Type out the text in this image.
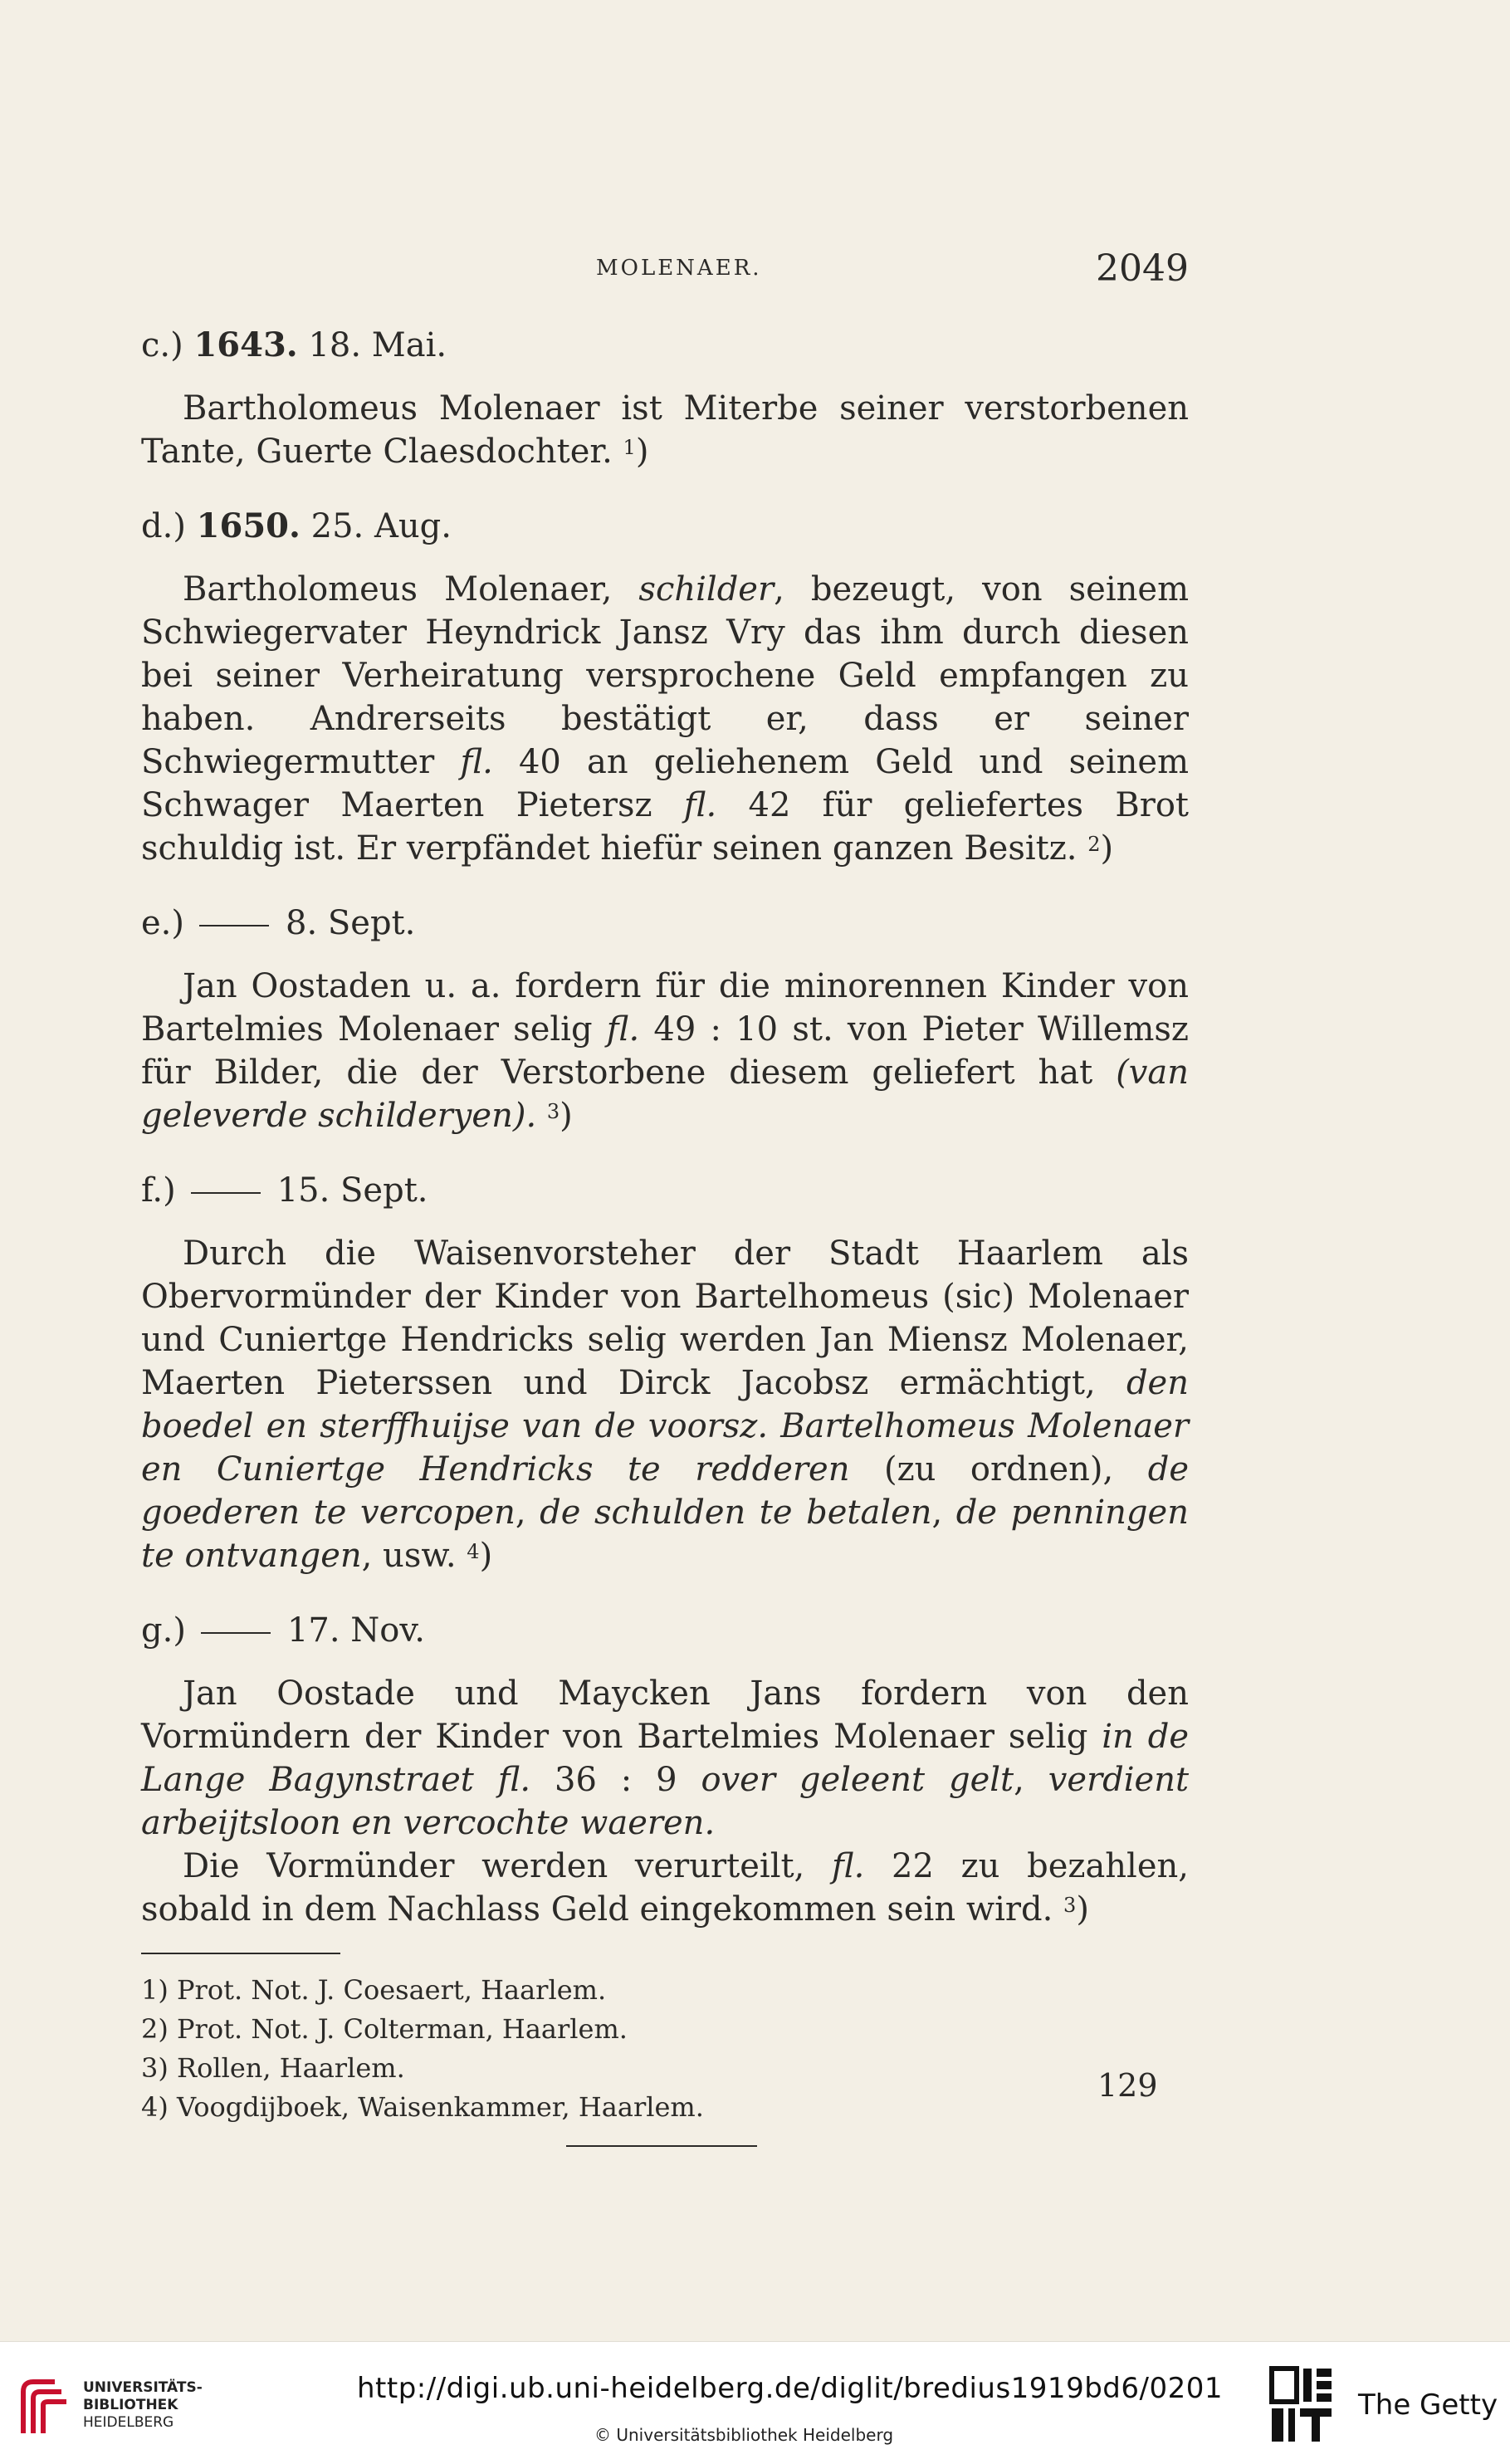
MOLENAER.	2049
c.) 1643. 18. Mai.
Bartholomeus Molenaer ist Miterbe seiner verstorbenen Tante, Guerte Claesdochter. $^1$)
d.) 1650. 25. Aug.
Bartholomeus Molenaer, schilder, bezeugt, von seinem Schwiegervater Heyndrick Jansz Vry das ihm durch diesen bei seiner Verheiratung versprochene Geld empfangen zu haben. Andrerseits bestätigt er, dass er seiner Schwiegermutter fl. 40 an geliehenem Geld und seinem Schwager Maerten Pietersz fl. 42 für geliefertes Brot schuldig ist. Er verpfändet hiefür seinen ganzen Besitz. $^2$)
e.)	8. Sept.
Jan Oostaden u. a. fordern für die minorennen Kinder von Bartelmies Molenaer selig fl. 49 : 10 st. von Pieter Willemsz für Bilder, die der Verstorbene diesem geliefert hat (van geleverde schilderyen). $^3$)
f.)	15. Sept.
Durch die Waisenvorsteher der Stadt Haarlem als Obervormünder der Kinder von Bartelhomeus (sic) Molenaer und Cuniertge Hendricks selig werden Jan Miensz Molenaer, Maerten Pieterssen und Dirck Jacobsz ermächtigt, den boedel en sterffhuijse van de voorsz. Bartelhomeus Molenaer en Cuniertge Hendricks te redderen (zu ordnen), de goederen te vercopen, de schulden te betalen, de penningen te ontvangen, usw. $^4$)
g.)	17. Nov.
Jan Oostade und Maycken Jans fordern von den Vormündern der Kinder von Bartelmies Molenaer selig in de Lange Bagynstraet fl. 36 : 9 over geleent gelt, verdient arbeijtsloon en vercochte waeren.
Die Vormünder werden verurteilt, fl. 22 zu bezahlen, sobald in dem Nachlass Geld eingekommen sein wird. $^3$)
1) Prot. Not. J. Coesaert, Haarlem.
2) Prot. Not. J. Colterman, Haarlem.
3) Rollen, Haarlem.
4) Voogdijboek, Waisenkammer, Haarlem.
129
UNIVERSITÄTS-
BIBLIOTHEK
HEIDELBERG
http://digi.ub.uni-heidelberg.de/diglit/bredius1919bd6/0201
© Universitätsbibliothek Heidelberg
The Getty
